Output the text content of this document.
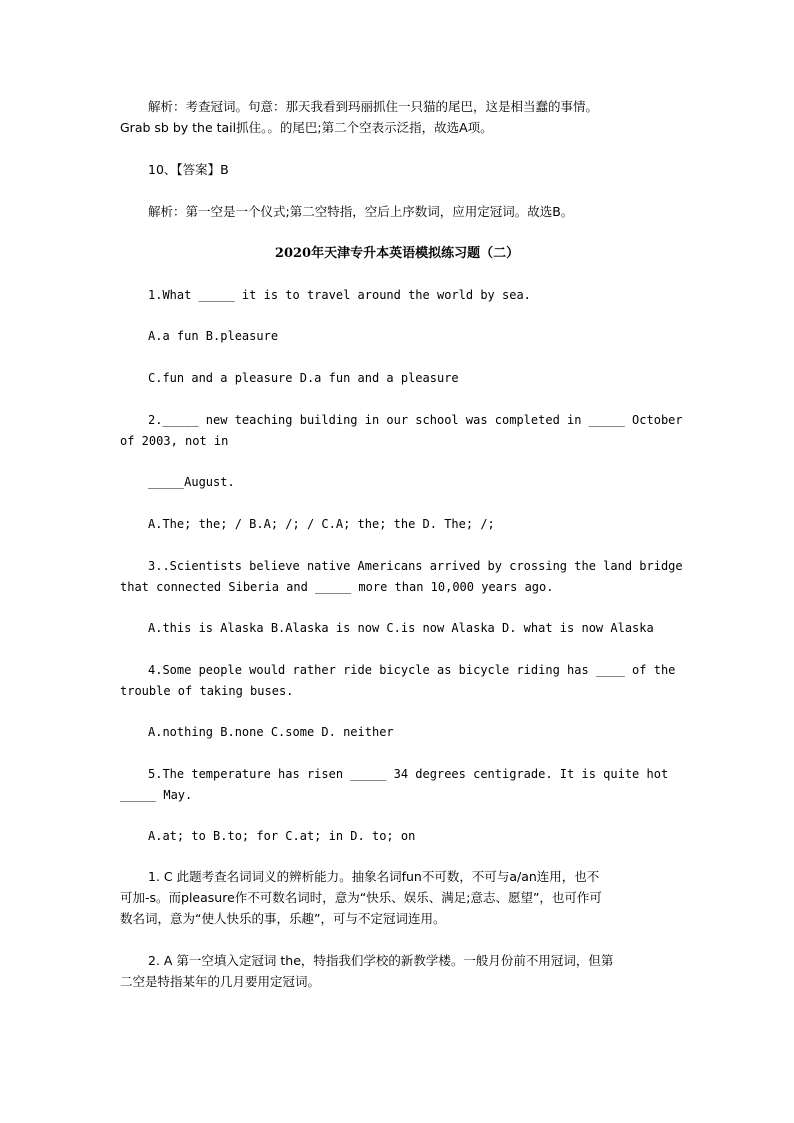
解析：考查冠词。句意：那天我看到玛丽抓住一只猫的尾巴，这是相当蠢的事情。
Grab sb by the tail抓住。。的尾巴;第二个空表示泛指，故选A项。
10、【答案】B
解析：第一空是一个仪式;第二空特指，空后上序数词，应用定冠词。故选B。
2020年天津专升本英语模拟练习题（二）
1.What _____ it is to travel around the world by sea.
A.a fun B.pleasure
C.fun and a pleasure D.a fun and a pleasure
2._____ new teaching building in our school was completed in _____ October
of 2003, not in
_____August.
A.The; the; / B.A; /; / C.A; the; the D. The; /;
3..Scientists believe native Americans arrived by crossing the land bridge
that connected Siberia and _____ more than 10,000 years ago.
A.this is Alaska B.Alaska is now C.is now Alaska D. what is now Alaska
4.Some people would rather ride bicycle as bicycle riding has ____ of the
trouble of taking buses.
A.nothing B.none C.some D. neither
5.The temperature has risen _____ 34 degrees centigrade. It is quite hot
_____ May.
A.at; to B.to; for C.at; in D. to; on
1. C 此题考查名词词义的辨析能力。抽象名词fun不可数，不可与a/an连用，也不
可加-s。而pleasure作不可数名词时，意为“快乐、娱乐、满足;意志、愿望”，也可作可
数名词，意为“使人快乐的事，乐趣”，可与不定冠词连用。
2. A 第一空填入定冠词 the，特指我们学校的新教学楼。一般月份前不用冠词，但第
二空是特指某年的几月要用定冠词。
